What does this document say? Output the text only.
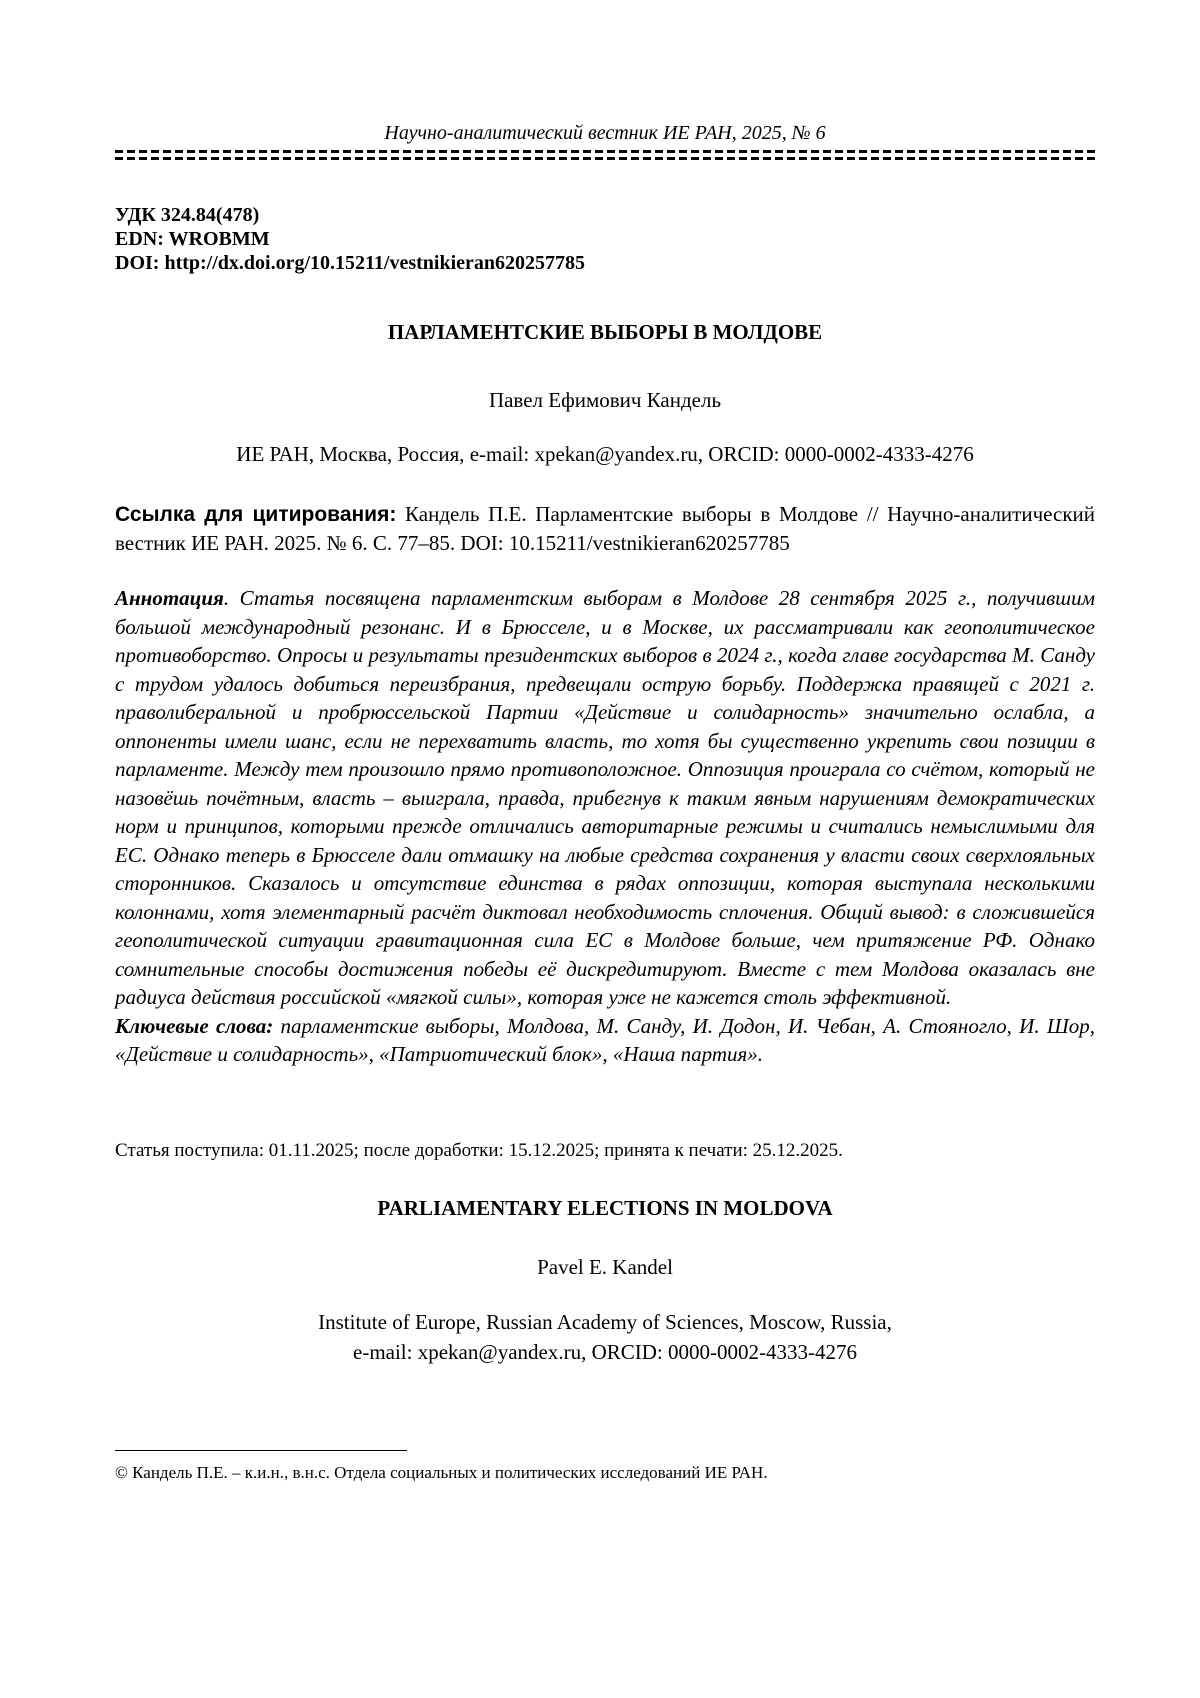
Научно-аналитический вестник ИЕ РАН, 2025, № 6
УДК 324.84(478)
EDN: WROBMM
DOI: http://dx.doi.org/10.15211/vestnikieran620257785
ПАРЛАМЕНТСКИЕ ВЫБОРЫ В МОЛДОВЕ
Павел Ефимович Кандель
ИЕ РАН, Москва, Россия, e-mail: xpekan@yandex.ru, ORCID: 0000-0002-4333-4276
Ссылка для цитирования: Кандель П.Е. Парламентские выборы в Молдове // Научно-аналитический вестник ИЕ РАН. 2025. № 6. С. 77–85. DOI: 10.15211/vestnikieran620257785
Аннотация. Статья посвящена парламентским выборам в Молдове 28 сентября 2025 г., получившим большой международный резонанс. И в Брюсселе, и в Москве, их рассматривали как геополитическое противоборство. Опросы и результаты президентских выборов в 2024 г., когда главе государства М. Санду с трудом удалось добиться переизбрания, предвещали острую борьбу. Поддержка правящей с 2021 г. праволиберальной и пробрюссельской Партии «Действие и солидарность» значительно ослабла, а оппоненты имели шанс, если не перехватить власть, то хотя бы существенно укрепить свои позиции в парламенте. Между тем произошло прямо противоположное. Оппозиция проиграла со счётом, который не назовёшь почётным, власть – выиграла, правда, прибегнув к таким явным нарушениям демократических норм и принципов, которыми прежде отличались авторитарные режимы и считались немыслимыми для ЕС. Однако теперь в Брюсселе дали отмашку на любые средства сохранения у власти своих сверхлояльных сторонников. Сказалось и отсутствие единства в рядах оппозиции, которая выступала несколькими колоннами, хотя элементарный расчёт диктовал необходимость сплочения. Общий вывод: в сложившейся геополитической ситуации гравитационная сила ЕС в Молдове больше, чем притяжение РФ. Однако сомнительные способы достижения победы её дискредитируют. Вместе с тем Молдова оказалась вне радиуса действия российской «мягкой силы», которая уже не кажется столь эффективной.
Ключевые слова: парламентские выборы, Молдова, М. Санду, И. Додон, И. Чебан, А. Стояногло, И. Шор, «Действие и солидарность», «Патриотический блок», «Наша партия».
Статья поступила: 01.11.2025; после доработки: 15.12.2025; принята к печати: 25.12.2025.
PARLIAMENTARY ELECTIONS IN MOLDOVA
Pavel E. Kandel
Institute of Europe, Russian Academy of Sciences, Moscow, Russia,
e-mail: xpekan@yandex.ru, ORCID: 0000-0002-4333-4276
© Кандель П.Е. – к.и.н., в.н.с. Отдела социальных и политических исследований ИЕ РАН.
